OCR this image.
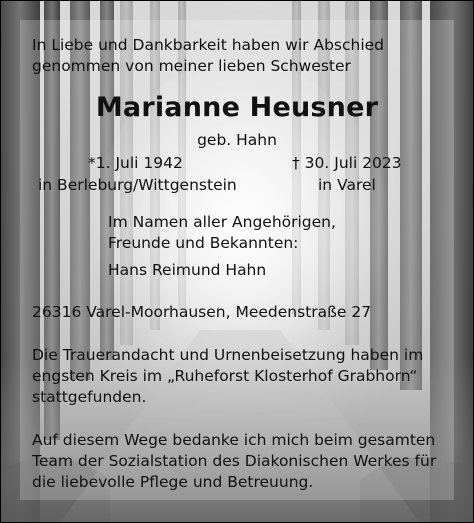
In Liebe und Dankbarkeit haben wir Abschied
genommen von meiner lieben Schwester
Marianne Heusner
geb. Hahn
*1. Juli 1942	† 30. Juli 2023
in Berleburg/Wittgenstein	in Varel
Im Namen aller Angehörigen,
Freunde und Bekannten:
Hans Reimund Hahn
26316 Varel-Moorhausen, Meedenstraße 27
Die Trauerandacht und Urnenbeisetzung haben im
engsten Kreis im „Ruheforst Klosterhof Grabhorn“
stattgefunden.
Auf diesem Wege bedanke ich mich beim gesamten
Team der Sozialstation des Diakonischen Werkes für
die liebevolle Pflege und Betreuung.
